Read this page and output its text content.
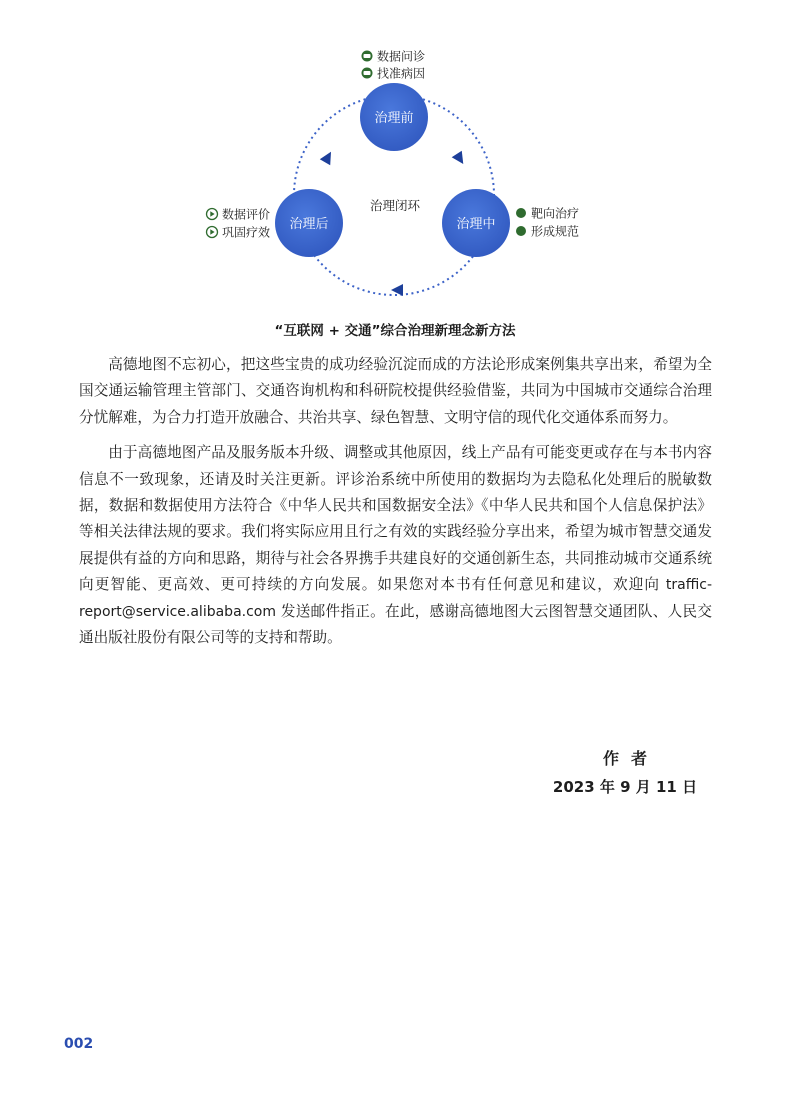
治理前
治理中
治理后
治理闭环
数据问诊
找准病因
靶向治疗
形成规范
数据评价
巩固疗效

“互联网 + 交通”综合治理新理念新方法

高德地图不忘初心，把这些宝贵的成功经验沉淀而成的方法论形成案例集共享出来，希望为全国交通运输管理主管部门、交通咨询机构和科研院校提供经验借鉴，共同为中国城市交通综合治理分忧解难，为合力打造开放融合、共治共享、绿色智慧、文明守信的现代化交通体系而努力。

由于高德地图产品及服务版本升级、调整或其他原因，线上产品有可能变更或存在与本书内容信息不一致现象，还请及时关注更新。评诊治系统中所使用的数据均为去隐私化处理后的脱敏数据，数据和数据使用方法符合《中华人民共和国数据安全法》《中华人民共和国个人信息保护法》等相关法律法规的要求。我们将实际应用且行之有效的实践经验分享出来，希望为城市智慧交通发展提供有益的方向和思路，期待与社会各界携手共建良好的交通创新生态，共同推动城市交通系统向更智能、更高效、更可持续的方向发展。如果您对本书有任何意见和建议，欢迎向 traffic-report@service.alibaba.com 发送邮件指正。在此，感谢高德地图大云图智慧交通团队、人民交通出版社股份有限公司等的支持和帮助。

作者
2023 年 9 月 11 日
002
